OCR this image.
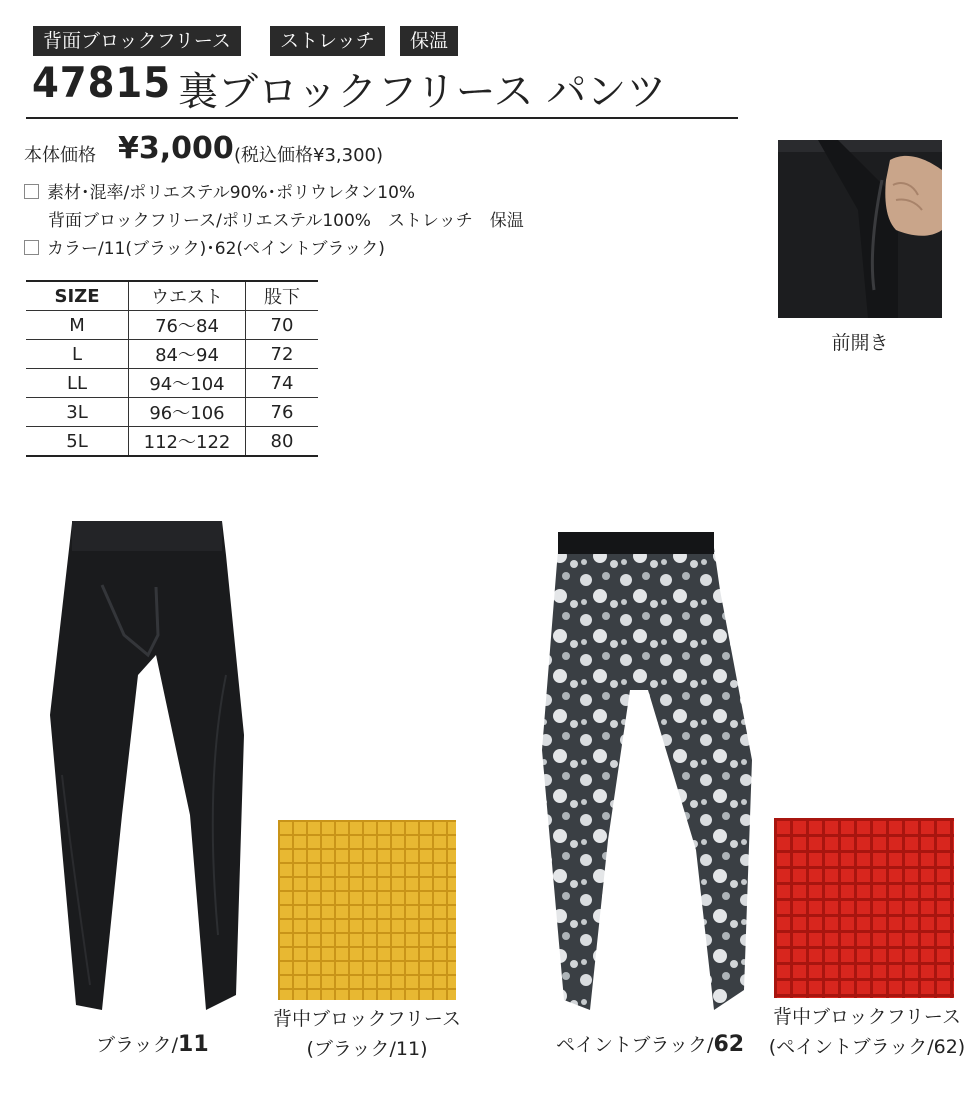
背面ブロックフリース	ストレッチ	保温
47815 裏ブロックフリース パンツ
本体価格 ¥3,000 (税込価格¥3,300)
素材･混率/ポリエステル90%･ポリウレタン10%
背面ブロックフリース/ポリエステル100%　ストレッチ　保温
カラー/11(ブラック)･62(ペイントブラック)
SIZE	ウエスト	股下
M	76〜84	70
L	84〜94	72
LL	94〜104	74
3L	96〜106	76
5L	112〜122	80
前開き
ブラック/11
背中ブロックフリース
(ブラック/11)	ペイントブラック/62
背中ブロックフリース
(ペイントブラック/62)
